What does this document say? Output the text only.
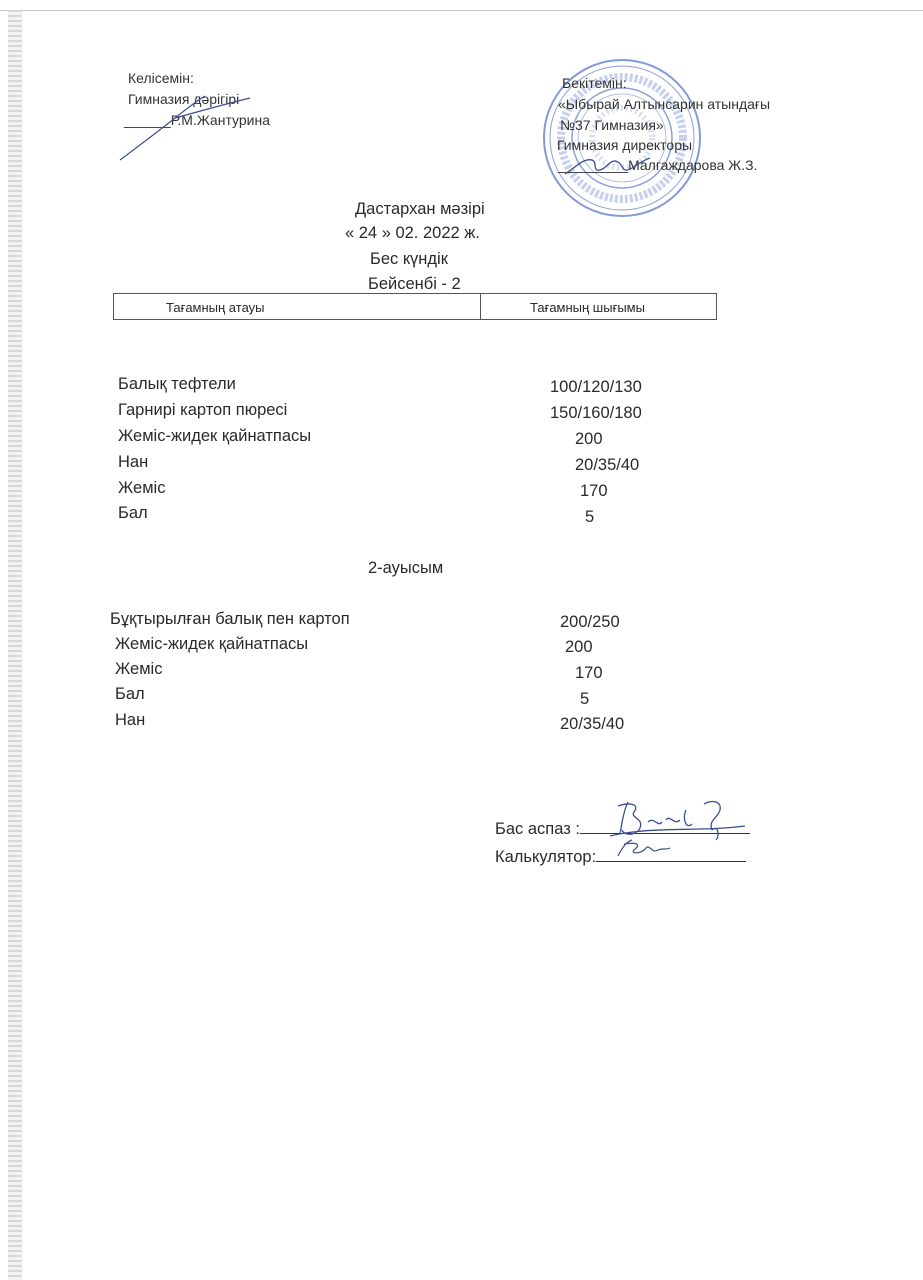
Келісемін:
Гимназия дәрігірі
______Р.М.Жантурина
Бекітемін:
«Ыбырай Алтынсарин атындағы
№37 Гимназия»
Гимназия директоры
_________Малгаждарова Ж.З.
Дастархан мәзірі
« 24 » 02. 2022 ж.
Бес күндік
Бейсенбі - 2
Тағамның атауы	Тағамның шығымы
Балық тефтели	100/120/130
Гарнирі картоп пюресі	150/160/180
Жеміс-жидек қайнатпасы	200
Нан	20/35/40
Жеміс	170
Бал	5
2-ауысым
Бұқтырылған балық пен картоп	200/250
Жеміс-жидек қайнатпасы	200
Жеміс	170
Бал	5
Нан	20/35/40
Бас аспаз :
Калькулятор:
